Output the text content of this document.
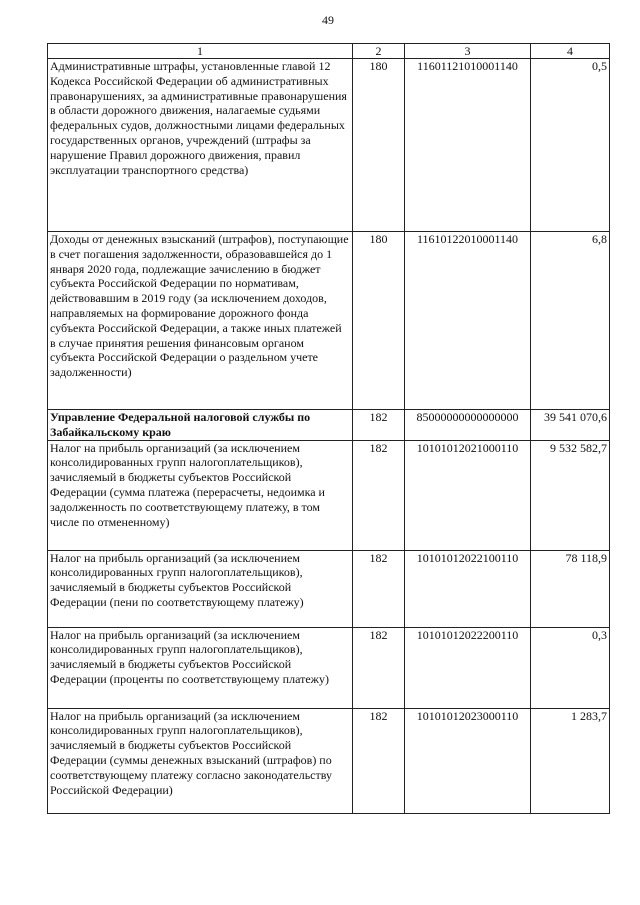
49
1	2	3	4
Административные штрафы, установленные главой 12 Кодекса Российской Федерации об административных правонарушениях, за административные правонарушения в области дорожного движения, налагаемые судьями федеральных судов, должностными лицами федеральных государственных органов, учреждений (штрафы за нарушение Правил дорожного движения, правил эксплуатации транспортного средства)	180	11601121010001140	0,5
Доходы от денежных взысканий (штрафов), поступающие в счет погашения задолженности, образовавшейся до 1 января 2020 года, подлежащие зачислению в бюджет субъекта Российской Федерации по нормативам, действовавшим в 2019 году (за исключением доходов, направляемых на формирование дорожного фонда субъекта Российской Федерации, а также иных платежей в случае принятия решения финансовым органом субъекта Российской Федерации о раздельном учете задолженности)	180	11610122010001140	6,8
Управление Федеральной налоговой службы по Забайкальскому краю	182	85000000000000000	39 541 070,6
Налог на прибыль организаций (за исключением консолидированных групп налогоплательщиков), зачисляемый в бюджеты субъектов Российской Федерации (сумма платежа (перерасчеты, недоимка и задолженность по соответствующему платежу, в том числе по отмененному)	182	10101012021000110	9 532 582,7
Налог на прибыль организаций (за исключением консолидированных групп налогоплательщиков), зачисляемый в бюджеты субъектов Российской Федерации (пени по соответствующему платежу)	182	10101012022100110	78 118,9
Налог на прибыль организаций (за исключением консолидированных групп налогоплательщиков), зачисляемый в бюджеты субъектов Российской Федерации (проценты по соответствующему платежу)	182	10101012022200110	0,3
Налог на прибыль организаций (за исключением консолидированных групп налогоплательщиков), зачисляемый в бюджеты субъектов Российской Федерации (суммы денежных взысканий (штрафов) по соответствующему платежу согласно законодательству Российской Федерации)	182	10101012023000110	1 283,7
